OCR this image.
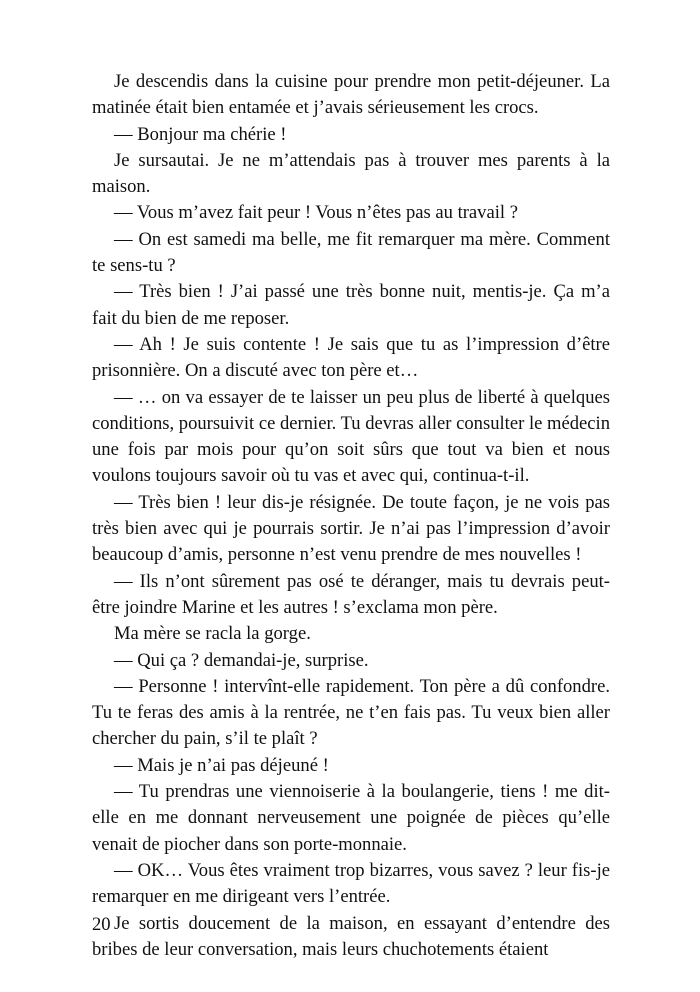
Je descendis dans la cuisine pour prendre mon petit-déjeuner. La matinée était bien entamée et j’avais sérieusement les crocs.

— Bonjour ma chérie !

Je sursautai. Je ne m’attendais pas à trouver mes parents à la maison.

— Vous m’avez fait peur ! Vous n’êtes pas au travail ?

— On est samedi ma belle, me fit remarquer ma mère. Comment te sens-tu ?

— Très bien ! J’ai passé une très bonne nuit, mentis-je. Ça m’a fait du bien de me reposer.

— Ah ! Je suis contente ! Je sais que tu as l’impression d’être prisonnière. On a discuté avec ton père et…

— … on va essayer de te laisser un peu plus de liberté à quelques conditions, poursuivit ce dernier. Tu devras aller consulter le médecin une fois par mois pour qu’on soit sûrs que tout va bien et nous voulons toujours savoir où tu vas et avec qui, continua-t-il.

— Très bien ! leur dis-je résignée. De toute façon, je ne vois pas très bien avec qui je pourrais sortir. Je n’ai pas l’impression d’avoir beaucoup d’amis, personne n’est venu prendre de mes nouvelles !

— Ils n’ont sûrement pas osé te déranger, mais tu devrais peut-être joindre Marine et les autres ! s’exclama mon père.

Ma mère se racla la gorge.

— Qui ça ? demandai-je, surprise.

— Personne ! intervînt-elle rapidement. Ton père a dû confondre. Tu te feras des amis à la rentrée, ne t’en fais pas. Tu veux bien aller chercher du pain, s’il te plaît ?

— Mais je n’ai pas déjeuné !

— Tu prendras une viennoiserie à la boulangerie, tiens ! me dit-elle en me donnant nerveusement une poignée de pièces qu’elle venait de piocher dans son porte-monnaie.

— OK… Vous êtes vraiment trop bizarres, vous savez ? leur fis-je remarquer en me dirigeant vers l’entrée.

Je sortis doucement de la maison, en essayant d’entendre des bribes de leur conversation, mais leurs chuchotements étaient

20
